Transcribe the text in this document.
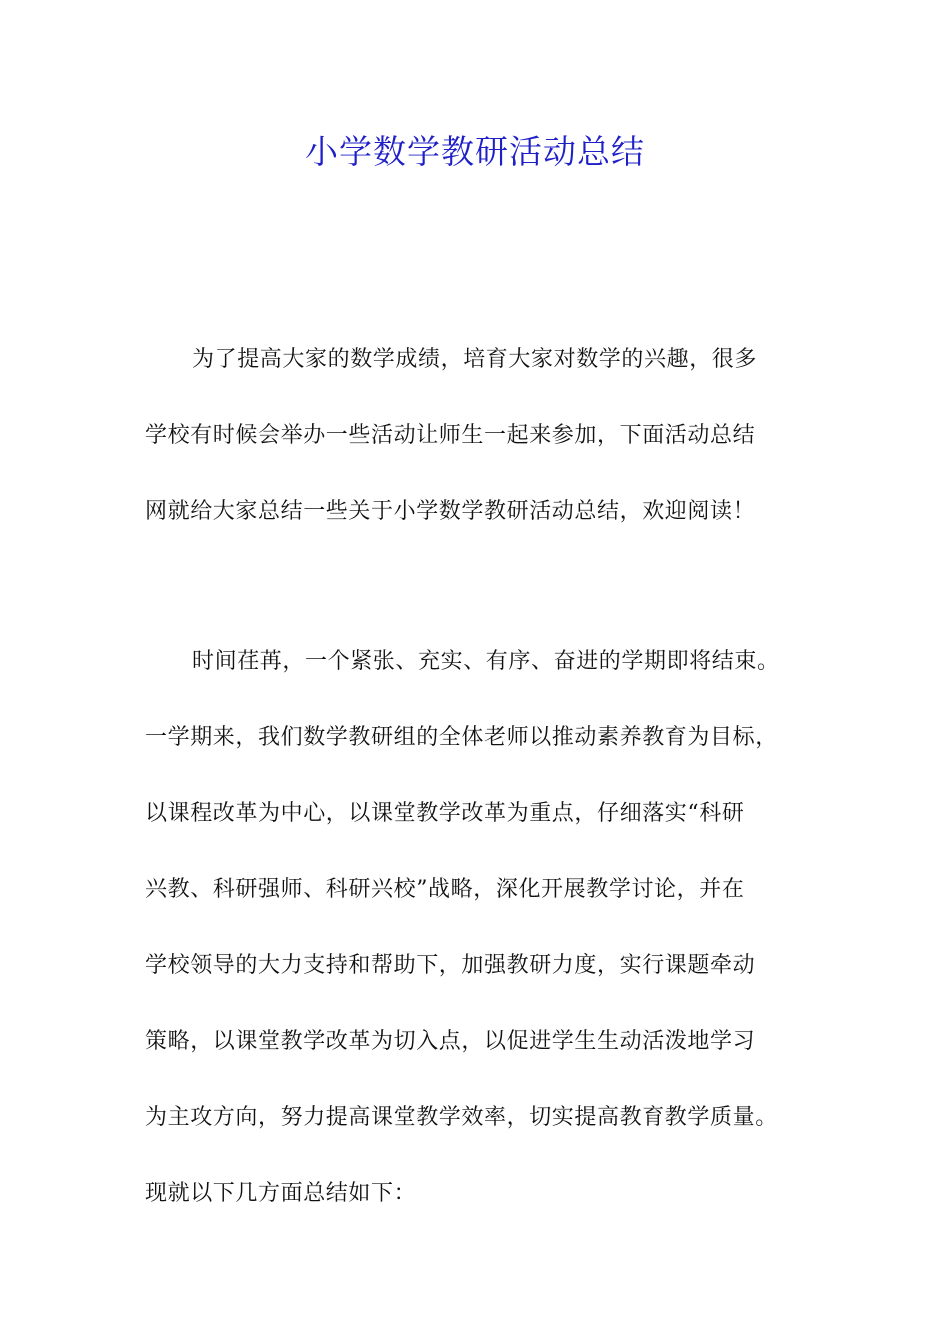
小学数学教研活动总结
为了提高大家的数学成绩，培育大家对数学的兴趣，很多
学校有时候会举办一些活动让师生一起来参加，下面活动总结
网就给大家总结一些关于小学数学教研活动总结，欢迎阅读！
时间荏苒，一个紧张、充实、有序、奋进的学期即将结束。
一学期来，我们数学教研组的全体老师以推动素养教育为目标，
以课程改革为中心，以课堂教学改革为重点，仔细落实“科研
兴教、科研强师、科研兴校”战略，深化开展教学讨论，并在
学校领导的大力支持和帮助下，加强教研力度，实行课题牵动
策略，以课堂教学改革为切入点，以促进学生生动活泼地学习
为主攻方向，努力提高课堂教学效率，切实提高教育教学质量。
现就以下几方面总结如下：
